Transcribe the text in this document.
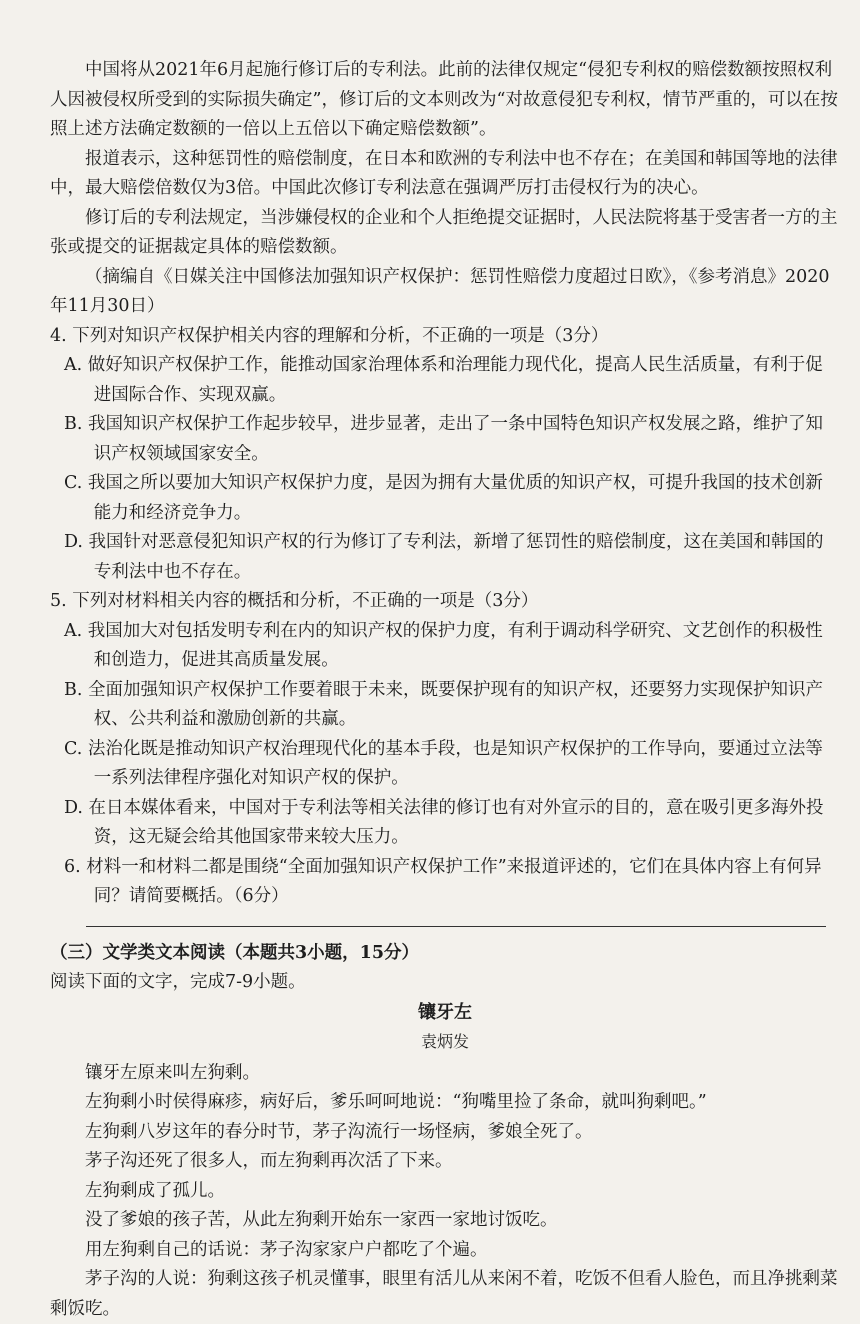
中国将从2021年6月起施行修订后的专利法。此前的法律仅规定“侵犯专利权的赔偿数额按照权利人因被侵权所受到的实际损失确定”，修订后的文本则改为“对故意侵犯专利权，情节严重的，可以在按照上述方法确定数额的一倍以上五倍以下确定赔偿数额”。

报道表示，这种惩罚性的赔偿制度，在日本和欧洲的专利法中也不存在；在美国和韩国等地的法律中，最大赔偿倍数仅为3倍。中国此次修订专利法意在强调严厉打击侵权行为的决心。

修订后的专利法规定，当涉嫌侵权的企业和个人拒绝提交证据时，人民法院将基于受害者一方的主张或提交的证据裁定具体的赔偿数额。

（摘编自《日媒关注中国修法加强知识产权保护：惩罚性赔偿力度超过日欧》，《参考消息》2020年11月30日）

4. 下列对知识产权保护相关内容的理解和分析，不正确的一项是（3分）

A. 做好知识产权保护工作，能推动国家治理体系和治理能力现代化，提高人民生活质量，有利于促进国际合作、实现双赢。

B. 我国知识产权保护工作起步较早，进步显著，走出了一条中国特色知识产权发展之路，维护了知识产权领域国家安全。

C. 我国之所以要加大知识产权保护力度，是因为拥有大量优质的知识产权，可提升我国的技术创新能力和经济竞争力。

D. 我国针对恶意侵犯知识产权的行为修订了专利法，新增了惩罚性的赔偿制度，这在美国和韩国的专利法中也不存在。

5. 下列对材料相关内容的概括和分析，不正确的一项是（3分）

A. 我国加大对包括发明专利在内的知识产权的保护力度，有利于调动科学研究、文艺创作的积极性和创造力，促进其高质量发展。

B. 全面加强知识产权保护工作要着眼于未来，既要保护现有的知识产权，还要努力实现保护知识产权、公共利益和激励创新的共赢。

C. 法治化既是推动知识产权治理现代化的基本手段，也是知识产权保护的工作导向，要通过立法等一系列法律程序强化对知识产权的保护。

D. 在日本媒体看来，中国对于专利法等相关法律的修订也有对外宣示的目的，意在吸引更多海外投资，这无疑会给其他国家带来较大压力。

6. 材料一和材料二都是围绕“全面加强知识产权保护工作”来报道评述的，它们在具体内容上有何异同？请简要概括。（6分）

（三）文学类文本阅读（本题共3小题，15分）

阅读下面的文字，完成7-9小题。

镶牙左

袁炳发

镶牙左原来叫左狗剩。

左狗剩小时侯得麻疹，病好后，爹乐呵呵地说：“狗嘴里捡了条命，就叫狗剩吧。”

左狗剩八岁这年的春分时节，茅子沟流行一场怪病，爹娘全死了。

茅子沟还死了很多人，而左狗剩再次活了下来。

左狗剩成了孤儿。

没了爹娘的孩子苦，从此左狗剩开始东一家西一家地讨饭吃。

用左狗剩自己的话说：茅子沟家家户户都吃了个遍。

茅子沟的人说：狗剩这孩子机灵懂事，眼里有活儿从来闲不着，吃饭不但看人脸色，而且净挑剩菜剩饭吃。
